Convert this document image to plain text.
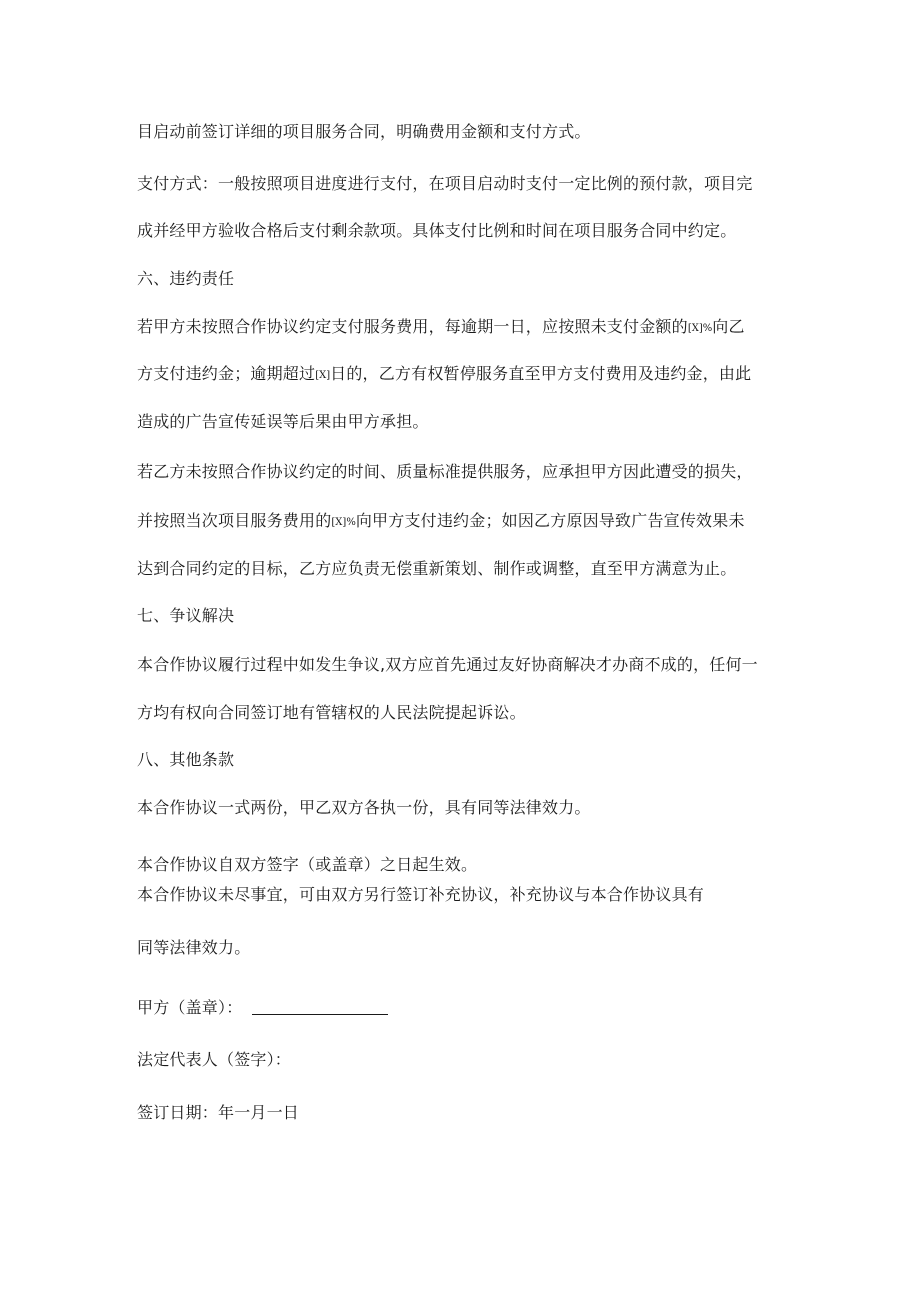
目启动前签订详细的项目服务合同，明确费用金额和支付方式。
支付方式：一般按照项目进度进行支付，在项目启动时支付一定比例的预付款，项目完
成并经甲方验收合格后支付剩余款项。具体支付比例和时间在项目服务合同中约定。
六、违约责任
若甲方未按照合作协议约定支付服务费用，每逾期一日，应按照未支付金额的[X]%向乙
方支付违约金；逾期超过[X]日的，乙方有权暂停服务直至甲方支付费用及违约金，由此
造成的广告宣传延误等后果由甲方承担。
若乙方未按照合作协议约定的时间、质量标准提供服务，应承担甲方因此遭受的损失，
并按照当次项目服务费用的[X]%向甲方支付违约金；如因乙方原因导致广告宣传效果未
达到合同约定的目标，乙方应负责无偿重新策划、制作或调整，直至甲方满意为止。
七、争议解决
本合作协议履行过程中如发生争议,双方应首先通过友好协商解决才办商不成的，任何一
方均有权向合同签订地有管辖权的人民法院提起诉讼。
八、其他条款
本合作协议一式两份，甲乙双方各执一份，具有同等法律效力。
本合作协议自双方签字（或盖章）之日起生效。
本合作协议未尽事宜，可由双方另行签订补充协议，补充协议与本合作协议具有
同等法律效力。
甲方（盖章）：
法定代表人（签字）：
签订日期：年一月一日
